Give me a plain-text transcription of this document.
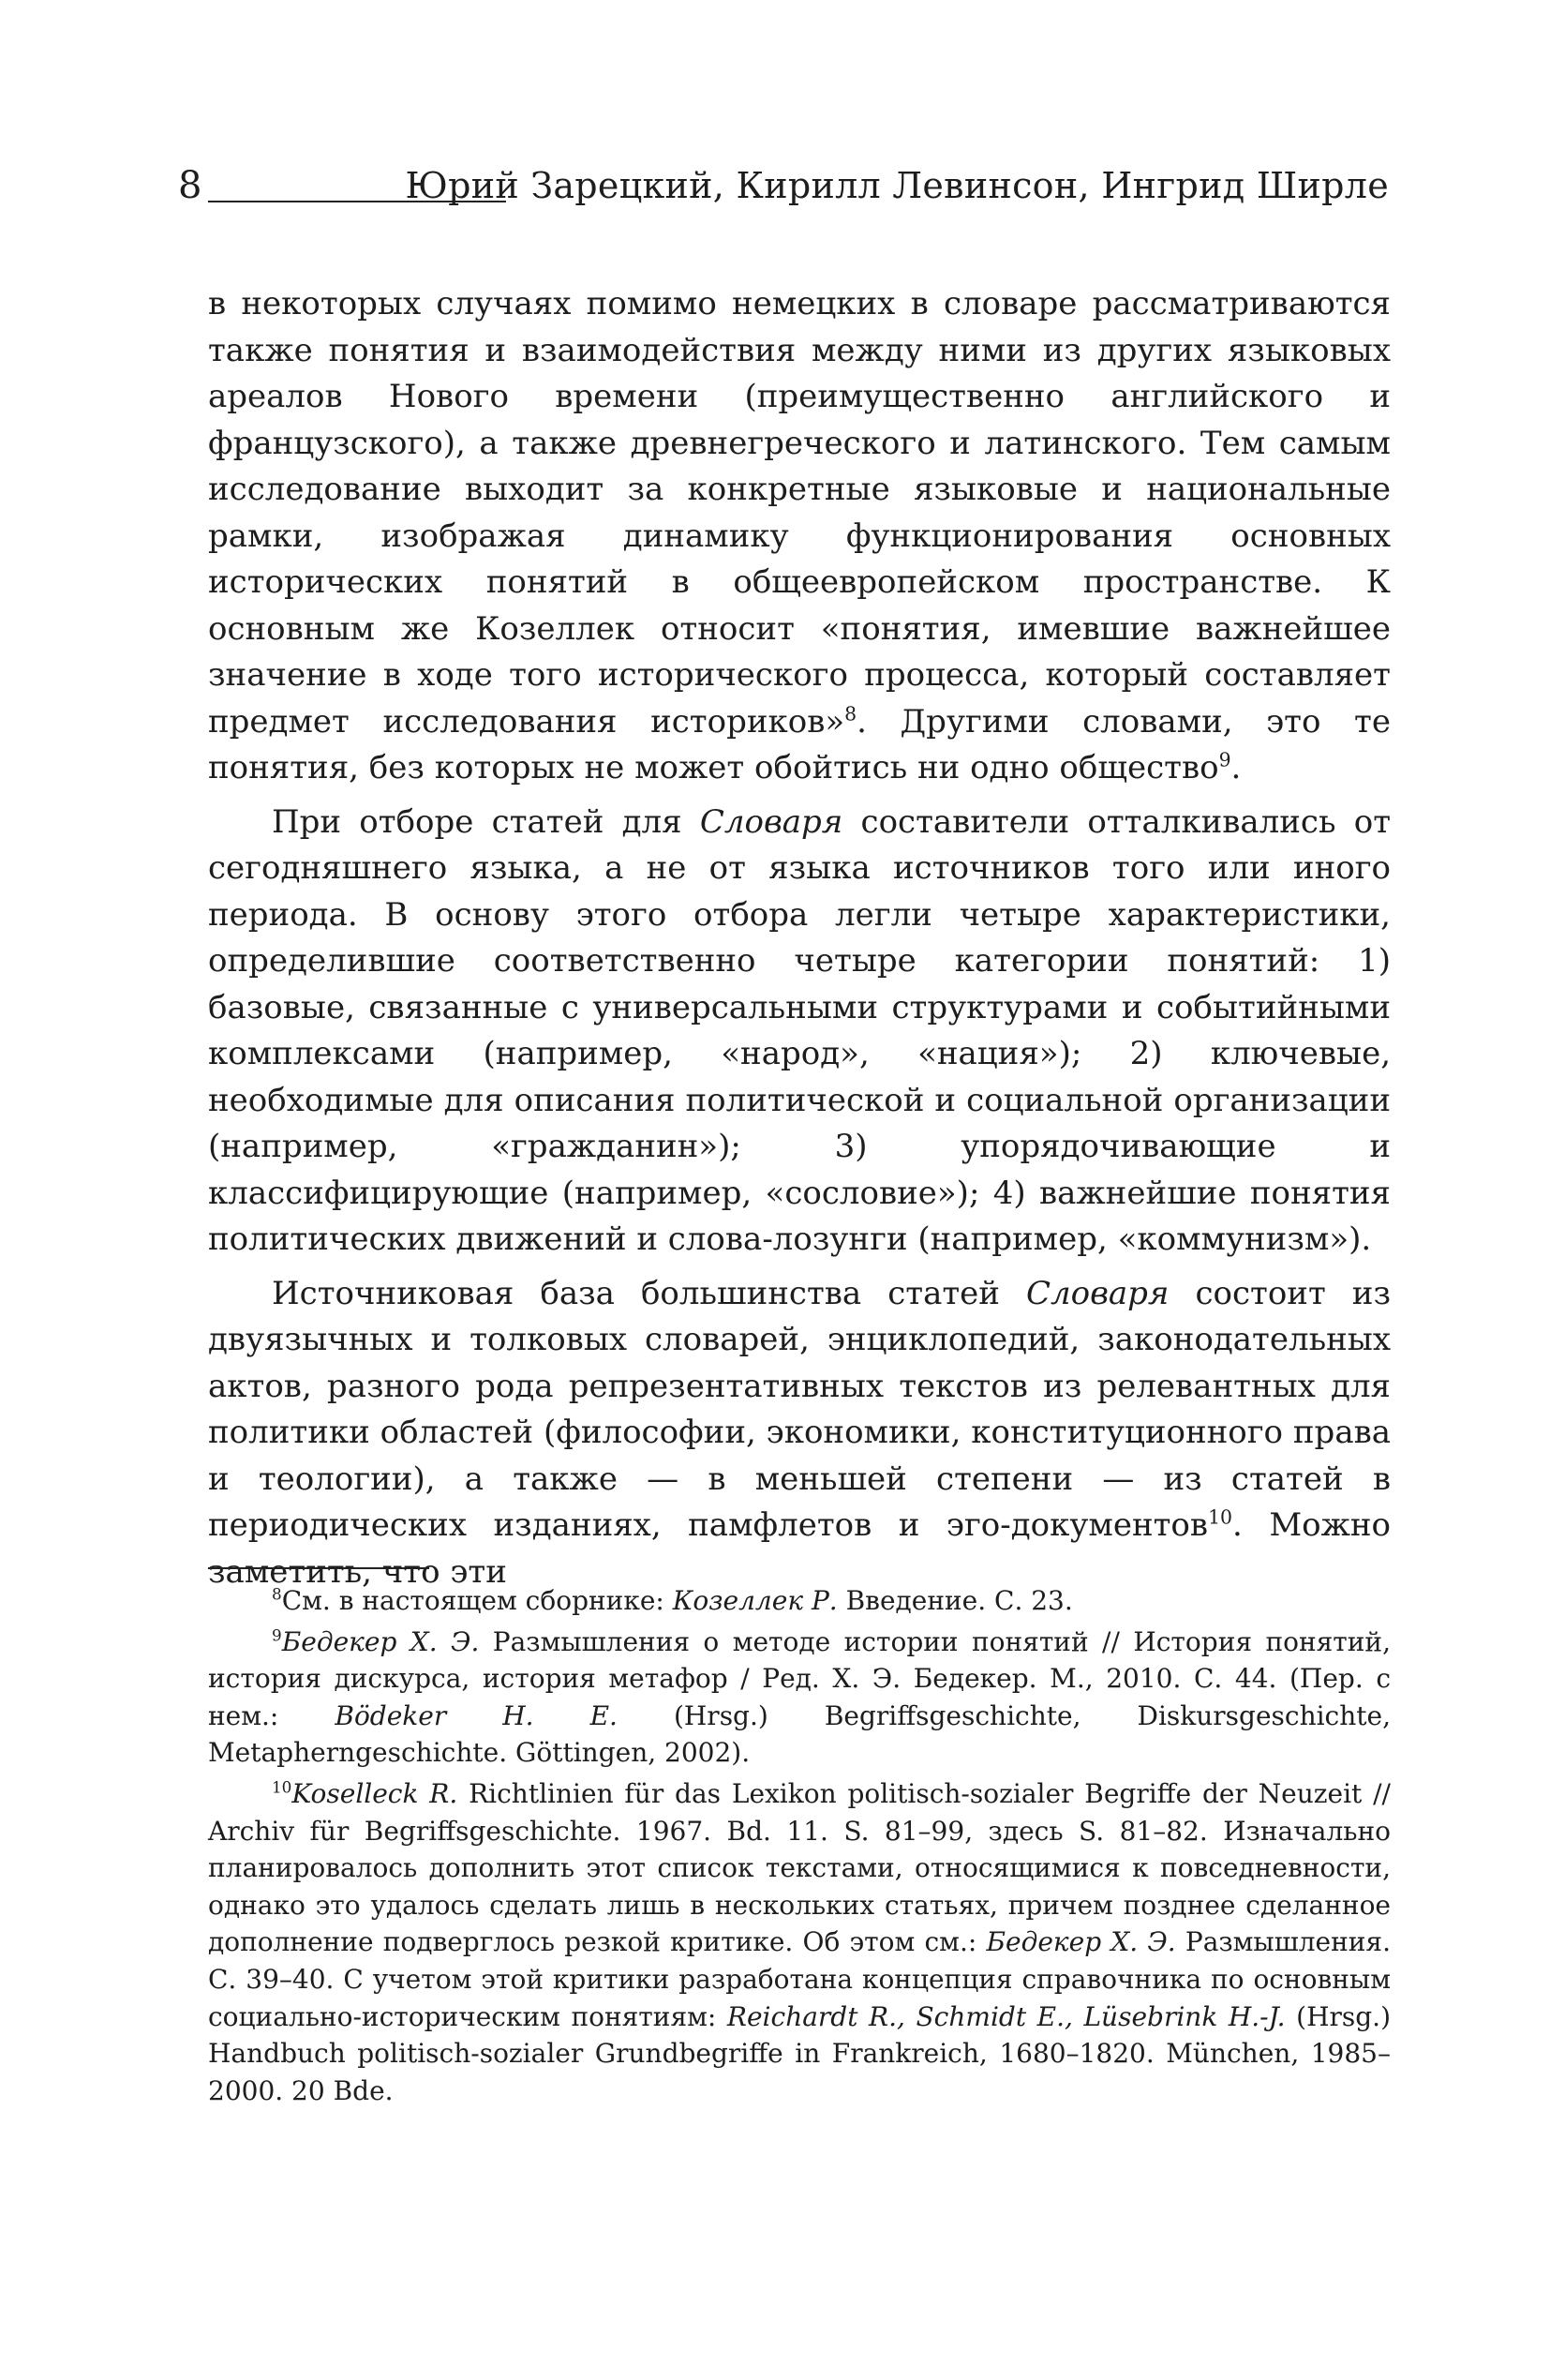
8	Юрий Зарецкий, Кирилл Левинсон, Ингрид Ширле

в некоторых случаях помимо немецких в словаре рассматриваются также понятия и взаимодействия между ними из других языковых ареалов Нового времени (преимущественно английского и французского), а также древнегреческого и латинского. Тем самым исследование выходит за конкретные языковые и национальные рамки, изображая динамику функционирования основных исторических понятий в общеевропейском пространстве. К основным же Козеллек относит «понятия, имевшие важнейшее значение в ходе того исторического процесса, который составляет предмет исследования историков»$^8$. Другими словами, это те понятия, без которых не может обойтись ни одно общество$^9$.

При отборе статей для Словаря составители отталкивались от сегодняшнего языка, а не от языка источников того или иного периода. В основу этого отбора легли четыре характеристики, определившие соответственно четыре категории понятий: 1) базовые, связанные с универсальными структурами и событийными комплексами (например, «народ», «нация»); 2) ключевые, необходимые для описания политической и социальной организации (например, «гражданин»); 3) упорядочивающие и классифицирующие (например, «сословие»); 4) важнейшие понятия политических движений и слова-лозунги (например, «коммунизм»).

Источниковая база большинства статей Словаря состоит из двуязычных и толковых словарей, энциклопедий, законодательных актов, разного рода репрезентативных текстов из релевантных для политики областей (философии, экономики, конституционного права и теологии), а также — в меньшей степени — из статей в периодических изданиях, памфлетов и эго-документов$^{10}$. Можно заметить, что эти

$^8$См. в настоящем сборнике: Козеллек Р. Введение. С. 23.

$^9$Бедекер Х. Э. Размышления о методе истории понятий // История понятий, история дискурса, история метафор / Ред. Х. Э. Бедекер. М., 2010. С. 44. (Пер. с нем.: Bödeker H. E. (Hrsg.) Begriffsgeschichte, Diskursgeschichte, Metapherngeschichte. Göttingen, 2002).

$^{10}$Koselleck R. Richtlinien für das Lexikon politisch-sozialer Begriffe der Neuzeit // Archiv für Begriffsgeschichte. 1967. Bd. 11. S. 81–99, здесь S. 81–82. Изначально планировалось дополнить этот список текстами, относящимися к повседневности, однако это удалось сделать лишь в нескольких статьях, причем позднее сделанное дополнение подверглось резкой критике. Об этом см.: Бедекер Х. Э. Размышления. С. 39–40. С учетом этой критики разработана концепция справочника по основным социально-историческим понятиям: Reichardt R., Schmidt E., Lüsebrink H.-J. (Hrsg.) Handbuch politisch-sozialer Grundbegriffe in Frankreich, 1680–1820. München, 1985–2000. 20 Bde.
